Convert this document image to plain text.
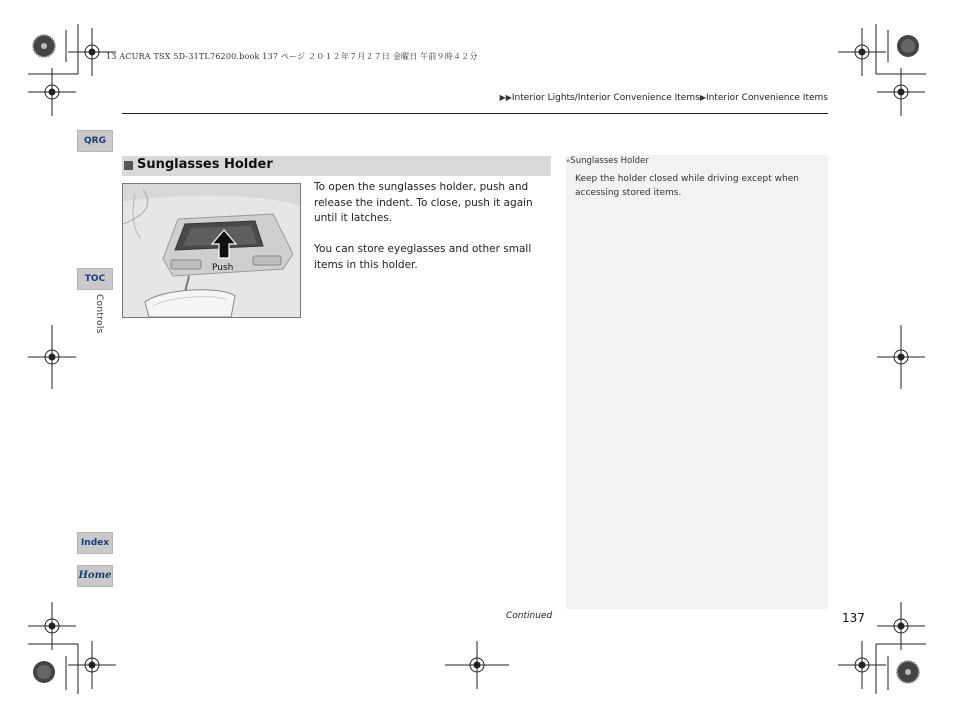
13 ACURA TSX 5D-31TL76200.book 137 ページ ２０１２年７月２７日 金曜日 午前９時４２分
▶▶Interior Lights/Interior Convenience Items▶Interior Convenience Items
QRG
TOC
Controls
Index
Home
Sunglasses Holder
Push
To open the sunglasses holder, push and release the indent. To close, push it again until it latches.
You can store eyeglasses and other small items in this holder.
»Sunglasses Holder
Keep the holder closed while driving except when accessing stored items.
Continued	137
